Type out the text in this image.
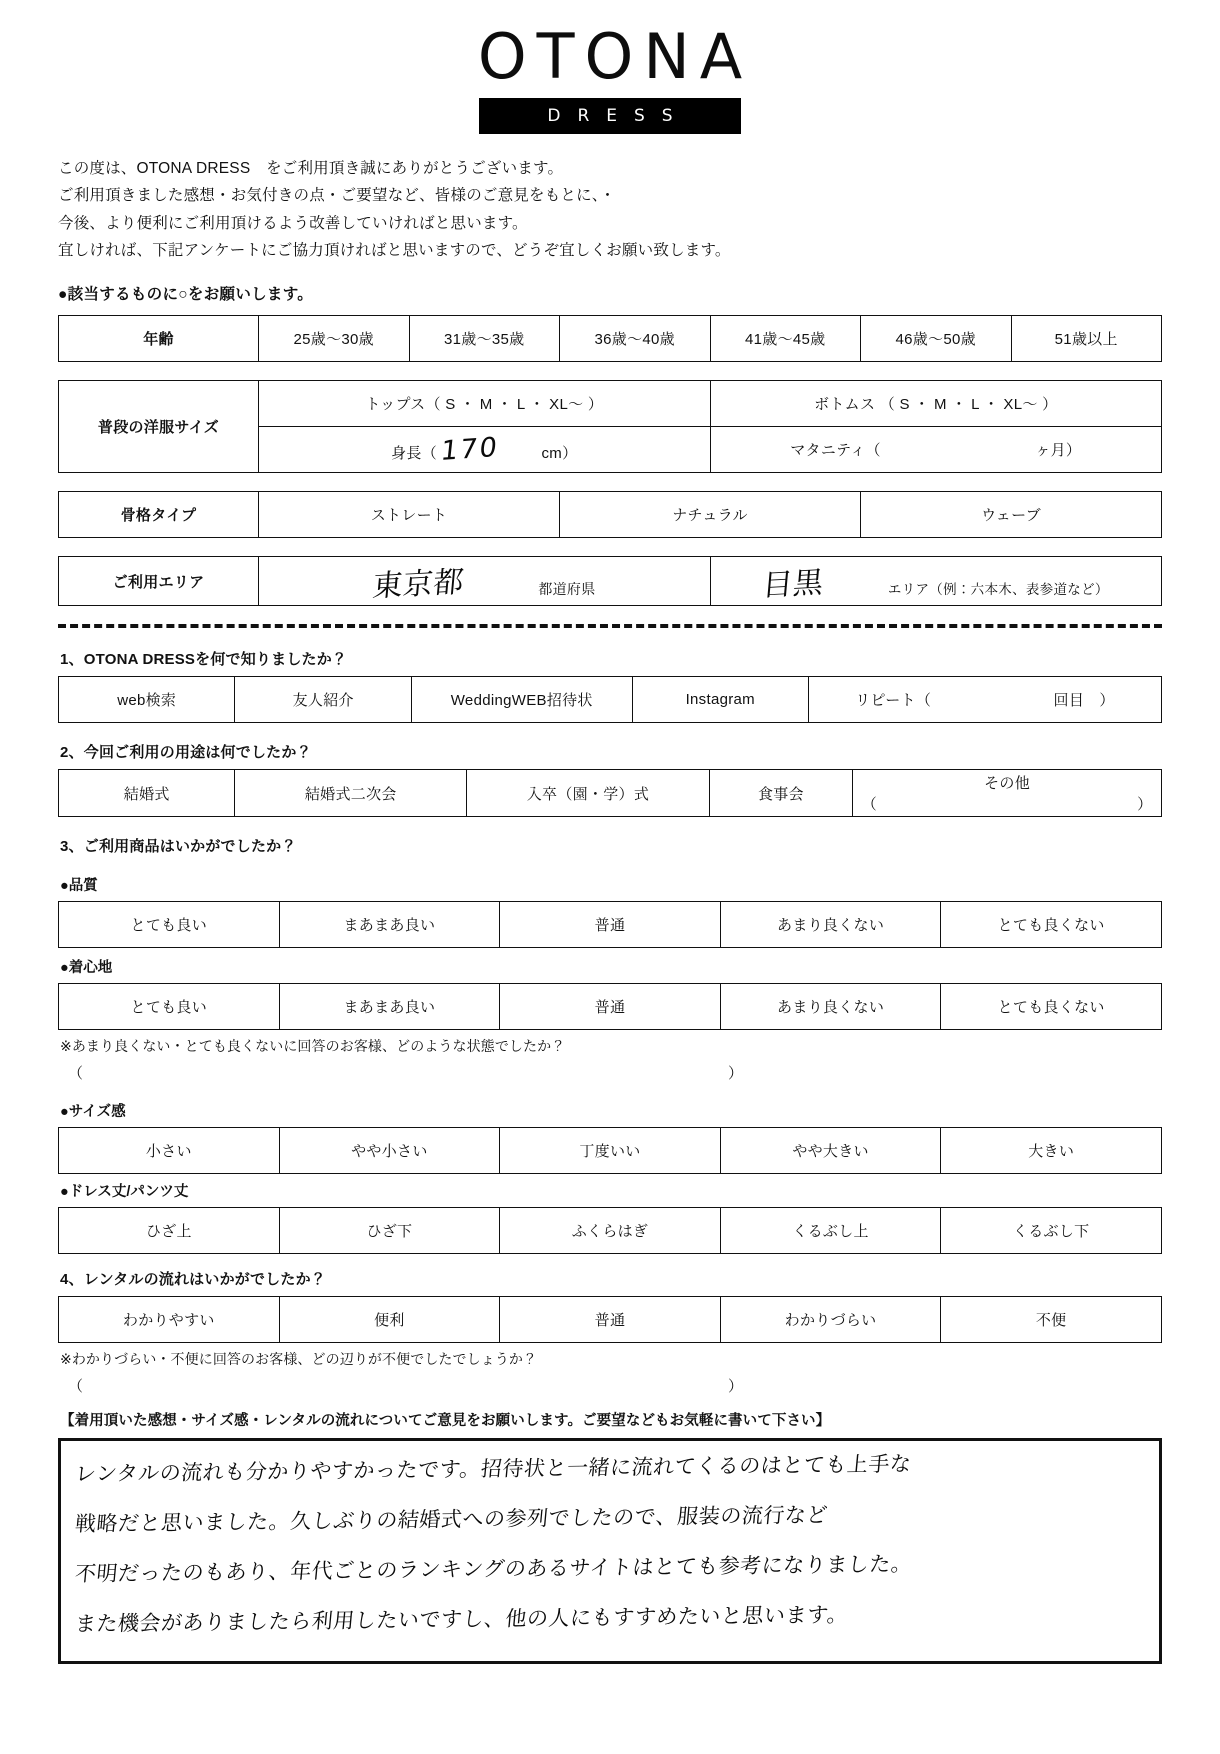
OTONA
DRESS

この度は、OTONA DRESS　をご利用頂き誠にありがとうございます。

ご利用頂きました感想・お気付きの点・ご要望など、皆様のご意見をもとに、・

今後、より便利にご利用頂けるよう改善していければと思います。

宜しければ、下記アンケートにご協力頂ければと思いますので、どうぞ宜しくお願い致します。

●該当するものに○をお願いします。
年齢	25歳〜30歳	31歳〜35歳	36歳〜40歳	41歳〜45歳	46歳〜50歳	51歳以上
普段の洋服サイズ	トップス（ S ・ M ・ L ・ XL〜 ）	ボトムス （ S ・ M ・ L ・ XL〜 ）
	身長（ 170 cm）	マタニティ（ ヶ月）
骨格タイプ	ストレート	ナチュラル	ウェーブ
ご利用エリア	東京都	都道府県	目黒	エリア（例：六本木、表参道など）
1、OTONA DRESSを何で知りましたか？
web検索	友人紹介	WeddingWEB招待状	Instagram	リピート（　　　　　　　　回目　）
2、今回ご利用の用途は何でしたか？
結婚式	結婚式二次会	入卒（園・学）式	食事会	その他（　　　　　　　　　　　　　　　　　）
3、ご利用商品はいかがでしたか？
●品質
とても良い	まあまあ良い	普通	あまり良くない	とても良くない
●着心地
とても良い	まあまあ良い	普通	あまり良くない	とても良くない
※あまり良くない・とても良くないに回答のお客様、どのような状態でしたか？
（	）
●サイズ感
小さい	やや小さい	丁度いい	やや大きい	大きい
●ドレス丈/パンツ丈
ひざ上	ひざ下	ふくらはぎ	くるぶし上	くるぶし下
4、レンタルの流れはいかがでしたか？
わかりやすい	便利	普通	わかりづらい	不便
※わかりづらい・不便に回答のお客様、どの辺りが不便でしたでしょうか？
（	）
【着用頂いた感想・サイズ感・レンタルの流れについてご意見をお願いします。ご要望などもお気軽に書いて下さい】
レンタルの流れも分かりやすかったです。招待状と一緒に流れてくるのはとても上手な
戦略だと思いました。久しぶりの結婚式への参列でしたので、服装の流行など
不明だったのもあり、年代ごとのランキングのあるサイトはとても参考になりました。
また機会がありましたら利用したいですし、他の人にもすすめたいと思います。
